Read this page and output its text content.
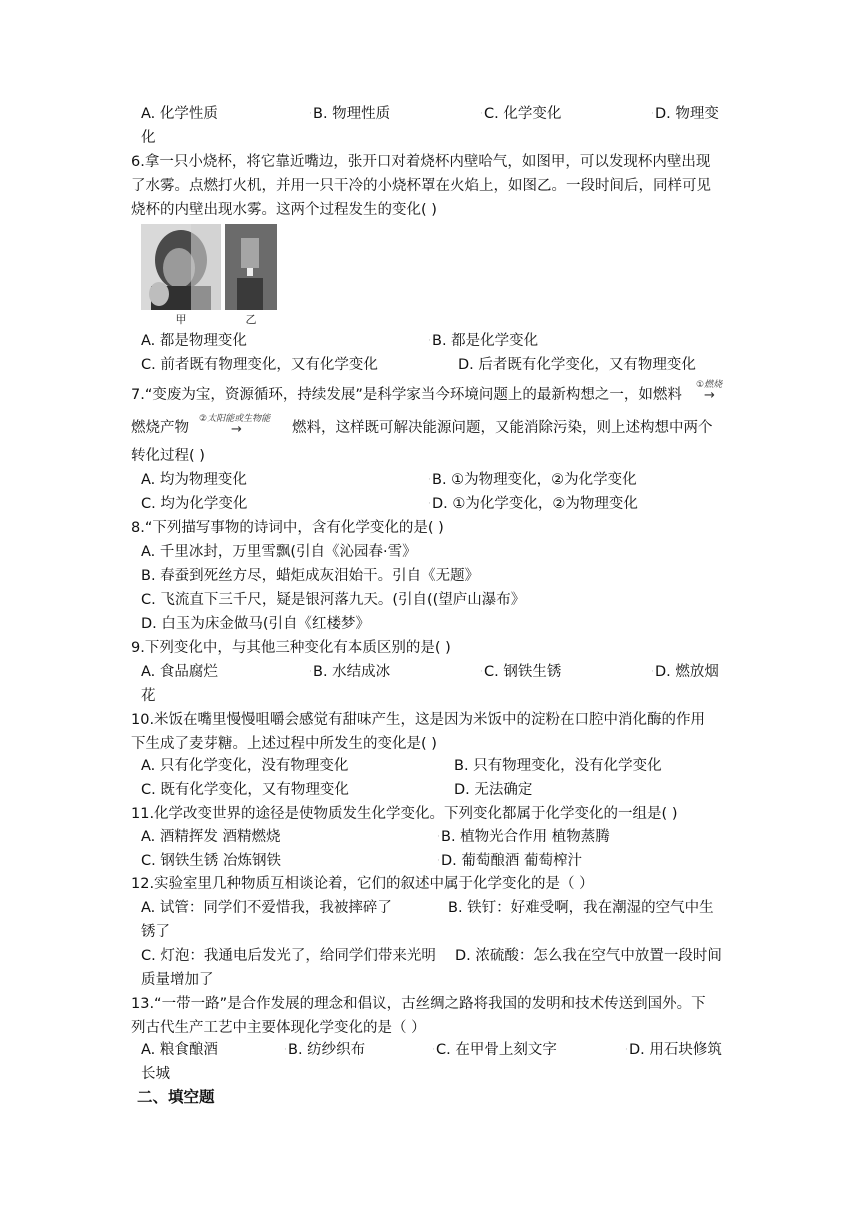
A. 化学性质	·B. 物理性质	·C. 化学变化	·D. 物理变
化
6.拿一只小烧杯，将它靠近嘴边，张开口对着烧杯内壁哈气，如图甲，可以发现杯内壁出现
了水雾。点燃打火机，并用一只干冷的小烧杯罩在火焰上，如图乙。一段时间后，同样可见
烧杯的内壁出现水雾。这两个过程发生的变化( )
甲	乙
A. 都是物理变化	·B. 都是化学变化
C. 前者既有物理变化，又有化学变化	D. 后者既有化学变化，又有物理变化
7.“变废为宝，资源循环，持续发展”是科学家当今环境问题上的最新构想之一，如燃料
①燃烧
→
燃烧产物
②太阳能或生物能
→	燃料，这样既可解决能源问题，又能消除污染，则上述构想中两个
转化过程( )
A. 均为物理变化	·B. ①为物理变化，②为化学变化
C. 均为化学变化	·D. ①为化学变化，②为物理变化
8.“下列描写事物的诗词中，含有化学变化的是( )
A. 千里冰封，万里雪飘(引自《沁园春·雪》
B. 春蚕到死丝方尽，蜡炬成灰泪始干。引自《无题》
C. 飞流直下三千尺，疑是银河落九天。(引自((望庐山瀑布》
D. 白玉为床金做马(引自《红楼梦》
9.下列变化中，与其他三种变化有本质区别的是( )
A. 食品腐烂	·B. 水结成冰	·C. 钢铁生锈	·D. 燃放烟
花
10.米饭在嘴里慢慢咀嚼会感觉有甜味产生，这是因为米饭中的淀粉在口腔中消化酶的作用
下生成了麦芽糖。上述过程中所发生的变化是( )
A. 只有化学变化，没有物理变化	B. 只有物理变化，没有化学变化
C. 既有化学变化，又有物理变化	D. 无法确定
11.化学改变世界的途径是使物质发生化学变化。下列变化都属于化学变化的一组是( )
A. 酒精挥发 酒精燃烧	·B. 植物光合作用 植物蒸腾
C. 钢铁生锈 冶炼钢铁	·D. 葡萄酿酒 葡萄榨汁
12.实验室里几种物质互相谈论着，它们的叙述中属于化学变化的是（ ）
A. 试管：同学们不爱惜我，我被摔碎了	B. 铁钉：好难受啊，我在潮湿的空气中生
锈了
C. 灯泡：我通电后发光了，给同学们带来光明 D. 浓硫酸：怎么我在空气中放置一段时间
质量增加了
13.“一带一路”是合作发展的理念和倡议，古丝绸之路将我国的发明和技术传送到国外。下
列古代生产工艺中主要体现化学变化的是（ ）
A. 粮食酿酒	·B. 纺纱织布	·C. 在甲骨上刻文字	·D. 用石块修筑
长城
二、填空题
